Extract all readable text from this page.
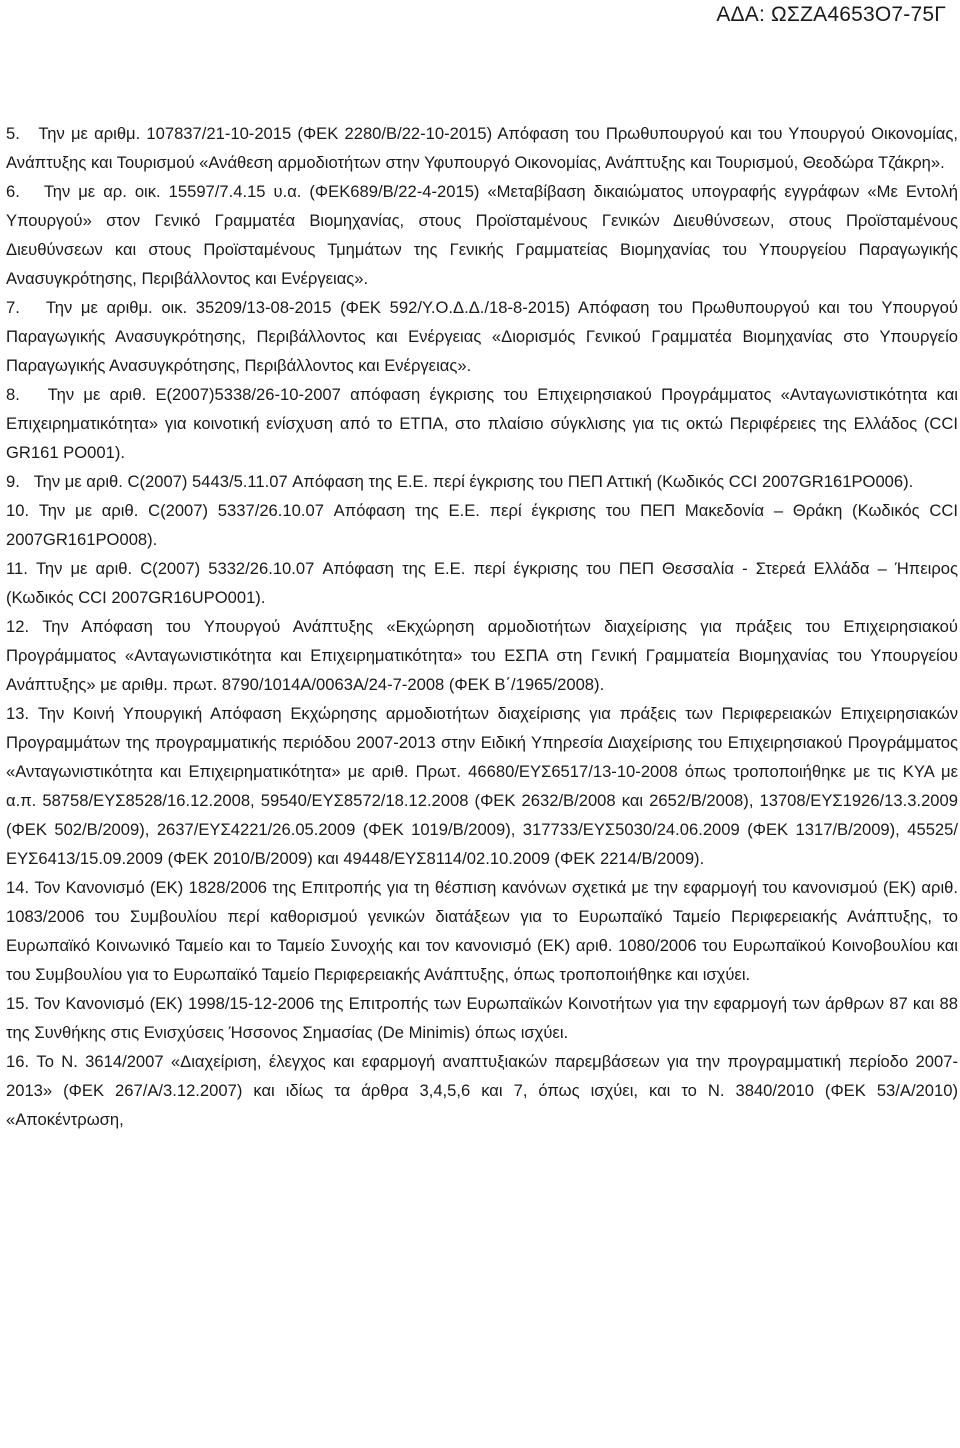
ΑΔΑ: ΩΣΖΑ4653Ο7-75Γ

5. Την με αριθμ. 107837/21-10-2015 (ΦΕΚ 2280/Β/22-10-2015) Απόφαση του Πρωθυπουργού και του Υπουργού Οικονομίας, Ανάπτυξης και Τουρισμού «Ανάθεση αρμοδιοτήτων στην Υφυπουργό Οικονομίας, Ανάπτυξης και Τουρισμού, Θεοδώρα Τζάκρη».

6. Την με αρ. οικ. 15597/7.4.15 υ.α. (ΦΕΚ689/Β/22-4-2015) «Μεταβίβαση δικαιώματος υπογραφής εγγράφων «Με Εντολή Υπουργού» στον Γενικό Γραμματέα Βιομηχανίας, στους Προϊσταμένους Γενικών Διευθύνσεων, στους Προϊσταμένους Διευθύνσεων και στους Προϊσταμένους Τμημάτων της Γενικής Γραμματείας Βιομηχανίας του Υπουργείου Παραγωγικής Ανασυγκρότησης, Περιβάλλοντος και Ενέργειας».

7. Την με αριθμ. οικ. 35209/13-08-2015 (ΦΕΚ 592/Υ.Ο.Δ.Δ./18-8-2015) Απόφαση του Πρωθυπουργού και του Υπουργού Παραγωγικής Ανασυγκρότησης, Περιβάλλοντος και Ενέργειας «Διορισμός Γενικού Γραμματέα Βιομηχανίας στο Υπουργείο Παραγωγικής Ανασυγκρότησης, Περιβάλλοντος και Ενέργειας».

8. Την με αριθ. Ε(2007)5338/26-10-2007 απόφαση έγκρισης του Επιχειρησιακού Προγράμματος «Ανταγωνιστικότητα και Επιχειρηματικότητα» για κοινοτική ενίσχυση από το ΕΤΠΑ, στο πλαίσιο σύγκλισης για τις οκτώ Περιφέρειες της Ελλάδος (CCI GR161 PO001).

9. Την με αριθ. C(2007) 5443/5.11.07 Απόφαση της Ε.Ε. περί έγκρισης του ΠΕΠ Αττική (Κωδικός CCI 2007GR161PO006).

10. Την με αριθ. C(2007) 5337/26.10.07 Απόφαση της Ε.Ε. περί έγκρισης του ΠΕΠ Μακεδονία – Θράκη (Κωδικός CCI 2007GR161PO008).

11. Την με αριθ. C(2007) 5332/26.10.07 Απόφαση της Ε.Ε. περί έγκρισης του ΠΕΠ Θεσσαλία - Στερεά Ελλάδα – Ήπειρος (Κωδικός CCI 2007GR16UPO001).

12. Την Απόφαση του Υπουργού Ανάπτυξης «Εκχώρηση αρμοδιοτήτων διαχείρισης για πράξεις του Επιχειρησιακού Προγράμματος «Ανταγωνιστικότητα και Επιχειρηματικότητα» του ΕΣΠΑ στη Γενική Γραμματεία Βιομηχανίας του Υπουργείου Ανάπτυξης» με αριθμ. πρωτ. 8790/1014Α/0063Α/24-7-2008 (ΦΕΚ Β΄/1965/2008).

13. Την Κοινή Υπουργική Απόφαση Εκχώρησης αρμοδιοτήτων διαχείρισης για πράξεις των Περιφερειακών Επιχειρησιακών Προγραμμάτων της προγραμματικής περιόδου 2007-2013 στην Ειδική Υπηρεσία Διαχείρισης του Επιχειρησιακού Προγράμματος «Ανταγωνιστικότητα και Επιχειρηματικότητα» με αριθ. Πρωτ. 46680/ΕΥΣ6517/13-10-2008 όπως τροποποιήθηκε με τις ΚΥΑ με α.π. 58758/ΕΥΣ8528/16.12.2008, 59540/ΕΥΣ8572/18.12.2008 (ΦΕΚ 2632/Β/2008 και 2652/Β/2008), 13708/ΕΥΣ1926/13.3.2009 (ΦΕΚ 502/Β/2009), 2637/ΕΥΣ4221/26.05.2009 (ΦΕΚ 1019/Β/2009), 317733/ΕΥΣ5030/24.06.2009 (ΦΕΚ 1317/Β/2009), 45525/ΕΥΣ6413/15.09.2009 (ΦΕΚ 2010/Β/2009) και 49448/ΕΥΣ8114/02.10.2009 (ΦΕΚ 2214/Β/2009).

14. Τον Κανονισμό (ΕΚ) 1828/2006 της Επιτροπής για τη θέσπιση κανόνων σχετικά με την εφαρμογή του κανονισμού (ΕΚ) αριθ. 1083/2006 του Συμβουλίου περί καθορισμού γενικών διατάξεων για το Ευρωπαϊκό Ταμείο Περιφερειακής Ανάπτυξης, το Ευρωπαϊκό Κοινωνικό Ταμείο και το Ταμείο Συνοχής και τον κανονισμό (ΕΚ) αριθ. 1080/2006 του Ευρωπαϊκού Κοινοβουλίου και του Συμβουλίου για το Ευρωπαϊκό Ταμείο Περιφερειακής Ανάπτυξης, όπως τροποποιήθηκε και ισχύει.

15. Τον Κανονισμό (ΕΚ) 1998/15-12-2006 της Επιτροπής των Ευρωπαϊκών Κοινοτήτων για την εφαρμογή των άρθρων 87 και 88 της Συνθήκης στις Ενισχύσεις Ήσσονος Σημασίας (De Minimis) όπως ισχύει.

16. Το Ν. 3614/2007 «Διαχείριση, έλεγχος και εφαρμογή αναπτυξιακών παρεμβάσεων για την προγραμματική περίοδο 2007-2013» (ΦΕΚ 267/Α/3.12.2007) και ιδίως τα άρθρα 3,4,5,6 και 7, όπως ισχύει, και το Ν. 3840/2010 (ΦΕΚ 53/Α/2010) «Αποκέντρωση,
